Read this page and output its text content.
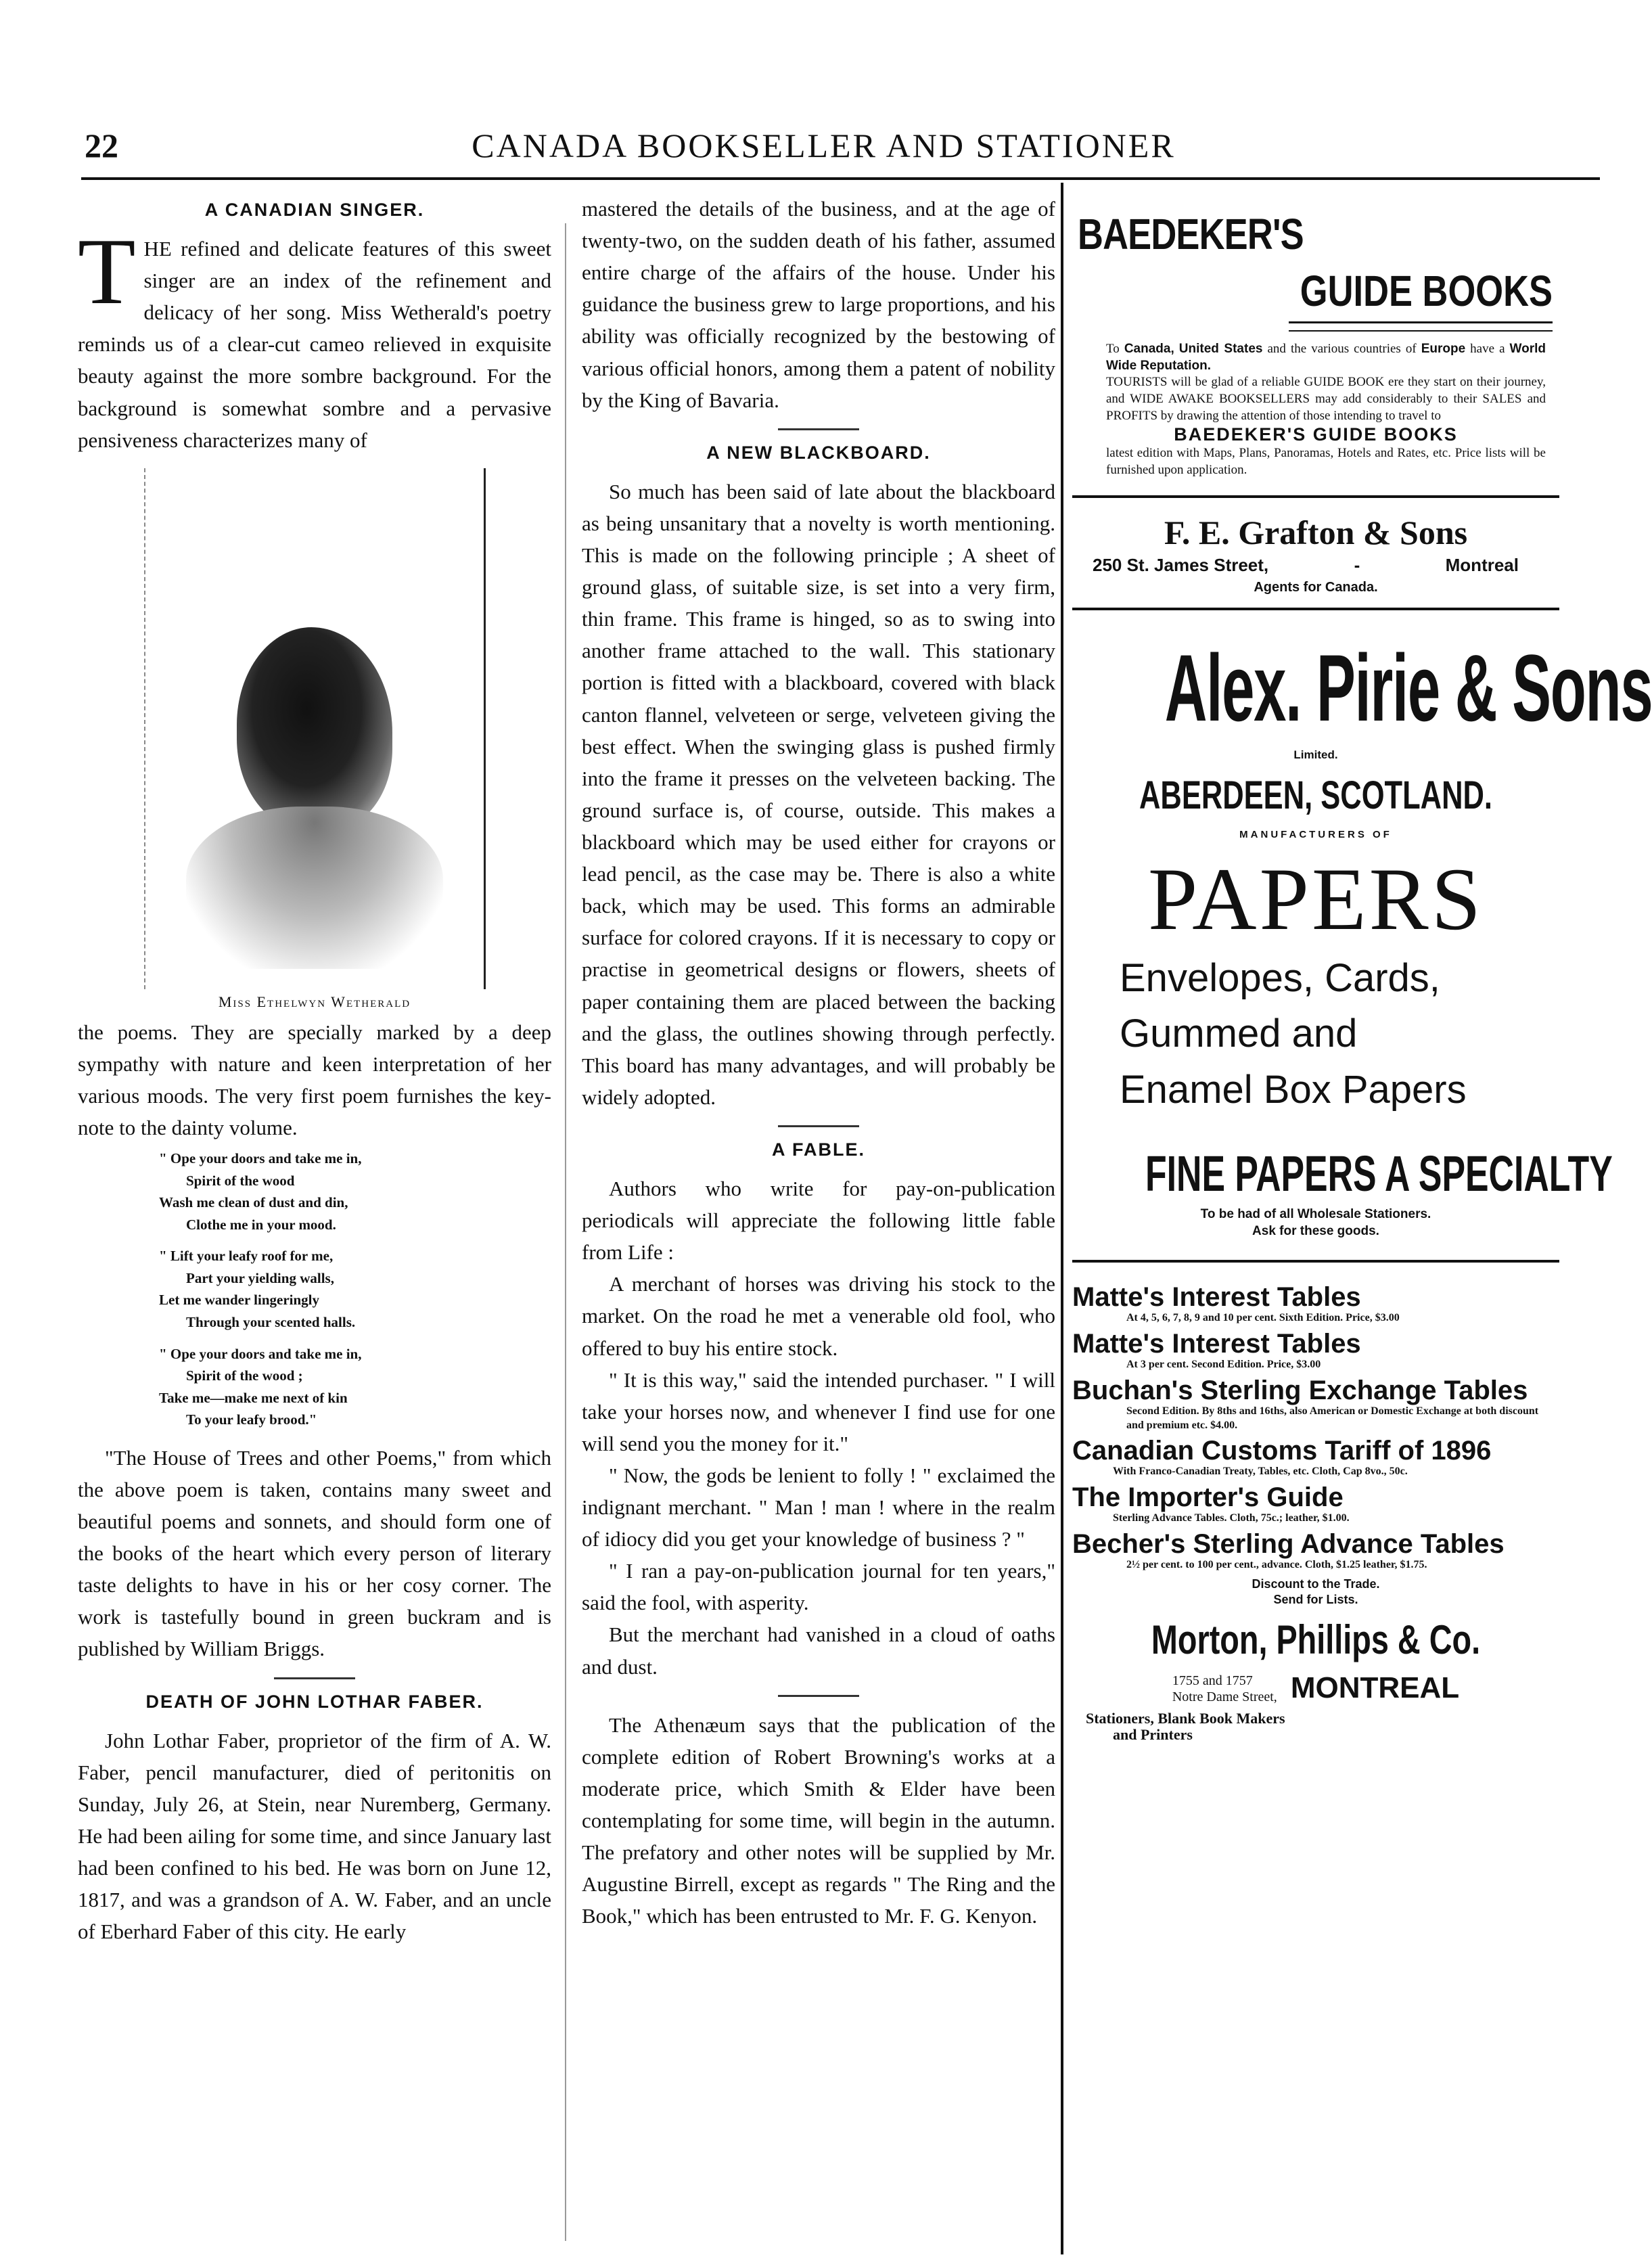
22	CANADA BOOKSELLER AND STATIONER
A CANADIAN SINGER.

THE refined and delicate features of this sweet singer are an index of the refinement and delicacy of her song. Miss Wetherald's poetry reminds us of a clear-cut cameo relieved in exquisite beauty against the more sombre background. For the background is somewhat sombre and a pervasive pensiveness characterizes many of

Miss Ethelwyn Wetherald

the poems. They are specially marked by a deep sympathy with nature and keen interpretation of her various moods. The very first poem furnishes the key-note to the dainty volume.

" Ope your doors and take me in,
Spirit of the wood
Wash me clean of dust and din,
Clothe me in your mood.
" Lift your leafy roof for me,
Part your yielding walls,
Let me wander lingeringly
Through your scented halls.
" Ope your doors and take me in,
Spirit of the wood ;
Take me—make me next of kin
To your leafy brood."

"The House of Trees and other Poems," from which the above poem is taken, contains many sweet and beautiful poems and sonnets, and should form one of the books of the heart which every person of literary taste delights to have in his or her cosy corner. The work is tastefully bound in green buckram and is published by William Briggs.

DEATH OF JOHN LOTHAR FABER.

John Lothar Faber, proprietor of the firm of A. W. Faber, pencil manufacturer, died of peritonitis on Sunday, July 26, at Stein, near Nuremberg, Germany. He had been ailing for some time, and since January last had been confined to his bed. He was born on June 12, 1817, and was a grandson of A. W. Faber, and an uncle of Eberhard Faber of this city. He early

mastered the details of the business, and at the age of twenty-two, on the sudden death of his father, assumed entire charge of the affairs of the house. Under his guidance the business grew to large proportions, and his ability was officially recognized by the bestowing of various official honors, among them a patent of nobility by the King of Bavaria.

A NEW BLACKBOARD.

So much has been said of late about the blackboard as being unsanitary that a novelty is worth mentioning. This is made on the following principle ; A sheet of ground glass, of suitable size, is set into a very firm, thin frame. This frame is hinged, so as to swing into another frame attached to the wall. This stationary portion is fitted with a blackboard, covered with black canton flannel, velveteen or serge, velveteen giving the best effect. When the swinging glass is pushed firmly into the frame it presses on the velveteen backing. The ground surface is, of course, outside. This makes a blackboard which may be used either for crayons or lead pencil, as the case may be. There is also a white back, which may be used. This forms an admirable surface for colored crayons. If it is necessary to copy or practise in geometrical designs or flowers, sheets of paper containing them are placed between the backing and the glass, the outlines showing through perfectly. This board has many advantages, and will probably be widely adopted.

A FABLE.

Authors who write for pay-on-publication periodicals will appreciate the following little fable from Life :

A merchant of horses was driving his stock to the market. On the road he met a venerable old fool, who offered to buy his entire stock.

" It is this way," said the intended purchaser. " I will take your horses now, and whenever I find use for one will send you the money for it."

" Now, the gods be lenient to folly ! " exclaimed the indignant merchant. " Man ! man ! where in the realm of idiocy did you get your knowledge of business ? "

" I ran a pay-on-publication journal for ten years," said the fool, with asperity.

But the merchant had vanished in a cloud of oaths and dust.

The Athenæum says that the publication of the complete edition of Robert Browning's works at a moderate price, which Smith & Elder have been contemplating for some time, will begin in the autumn. The prefatory and other notes will be supplied by Mr. Augustine Birrell, except as regards " The Ring and the Book," which has been entrusted to Mr. F. G. Kenyon.

BAEDEKER'S
GUIDE BOOKS
To Canada, United States and the various countries of Europe have a World Wide Reputation.
TOURISTS will be glad of a reliable GUIDE BOOK ere they start on their journey, and WIDE AWAKE BOOKSELLERS may add considerably to their SALES and PROFITS by drawing the attention of those intending to travel to
BAEDEKER'S GUIDE BOOKS
latest edition with Maps, Plans, Panoramas, Hotels and Rates, etc. Price lists will be furnished upon application.
F. E. Grafton & Sons
250 St. James Street,	-	Montreal
Agents for Canada.
Alex. Pirie & Sons
Limited.
ABERDEEN, SCOTLAND.
MANUFACTURERS OF
PAPERS
Envelopes, Cards,
Gummed and
Enamel Box Papers
FINE PAPERS A SPECIALTY
To be had of all Wholesale Stationers.
Ask for these goods.
Matte's Interest Tables
At 4, 5, 6, 7, 8, 9 and 10 per cent. Sixth Edition. Price, $3.00
Matte's Interest Tables
At 3 per cent. Second Edition. Price, $3.00
Buchan's Sterling Exchange Tables
Second Edition. By 8ths and 16ths, also American or Domestic Exchange at both discount and premium etc. $4.00.
Canadian Customs Tariff of 1896
With Franco-Canadian Treaty, Tables, etc. Cloth, Cap 8vo., 50c.
The Importer's Guide
Sterling Advance Tables. Cloth, 75c.; leather, $1.00.
Becher's Sterling Advance Tables
2½ per cent. to 100 per cent., advance. Cloth, $1.25 leather, $1.75.
Discount to the Trade.
Send for Lists.
Morton, Phillips & Co.
1755 and 1757
Notre Dame Street, MONTREAL
Stationers, Blank Book Makers
and Printers
